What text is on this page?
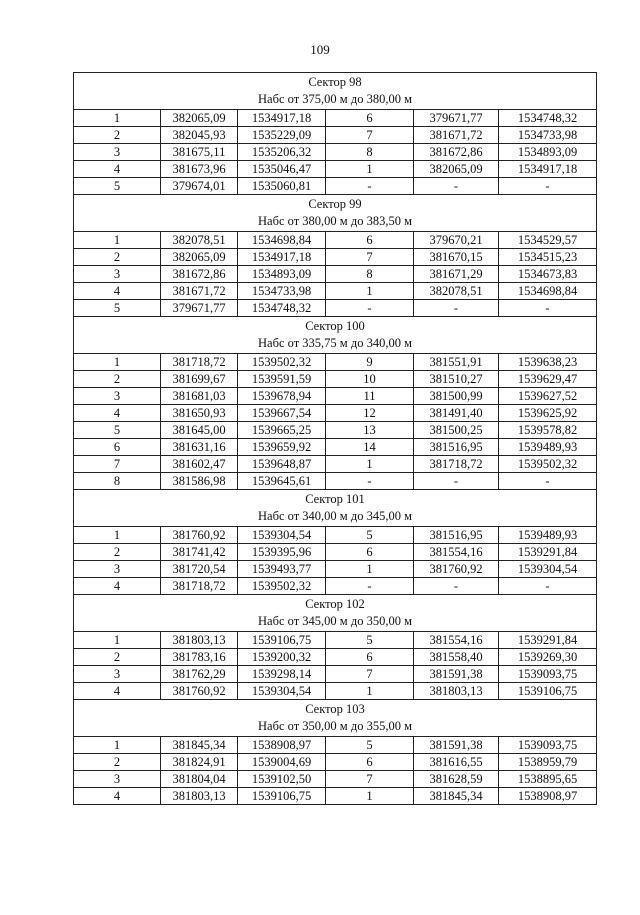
109
Сектор 98
Набс от 375,00 м до 380,00 м					

1	382065,09	1534917,18	6	379671,77	1534748,32
2	382045,93	1535229,09	7	381671,72	1534733,98
3	381675,11	1535206,32	8	381672,86	1534893,09
4	381673,96	1535046,47	1	382065,09	1534917,18
5	379674,01	1535060,81	-	-	-

Сектор 99
Набс от 380,00 м до 383,50 м					

1	382078,51	1534698,84	6	379670,21	1534529,57
2	382065,09	1534917,18	7	381670,15	1534515,23
3	381672,86	1534893,09	8	381671,29	1534673,83
4	381671,72	1534733,98	1	382078,51	1534698,84
5	379671,77	1534748,32	-	-	-

Сектор 100
Набс от 335,75 м до 340,00 м					

1	381718,72	1539502,32	9	381551,91	1539638,23
2	381699,67	1539591,59	10	381510,27	1539629,47
3	381681,03	1539678,94	11	381500,99	1539627,52
4	381650,93	1539667,54	12	381491,40	1539625,92
5	381645,00	1539665,25	13	381500,25	1539578,82
6	381631,16	1539659,92	14	381516,95	1539489,93
7	381602,47	1539648,87	1	381718,72	1539502,32
8	381586,98	1539645,61	-	-	-

Сектор 101
Набс от 340,00 м до 345,00 м					

1	381760,92	1539304,54	5	381516,95	1539489,93
2	381741,42	1539395,96	6	381554,16	1539291,84
3	381720,54	1539493,77	1	381760,92	1539304,54
4	381718,72	1539502,32	-	-	-

Сектор 102
Набс от 345,00 м до 350,00 м					

1	381803,13	1539106,75	5	381554,16	1539291,84
2	381783,16	1539200,32	6	381558,40	1539269,30
3	381762,29	1539298,14	7	381591,38	1539093,75
4	381760,92	1539304,54	1	381803,13	1539106,75

Сектор 103
Набс от 350,00 м до 355,00 м					

1	381845,34	1538908,97	5	381591,38	1539093,75
2	381824,91	1539004,69	6	381616,55	1538959,79
3	381804,04	1539102,50	7	381628,59	1538895,65
4	381803,13	1539106,75	1	381845,34	1538908,97
